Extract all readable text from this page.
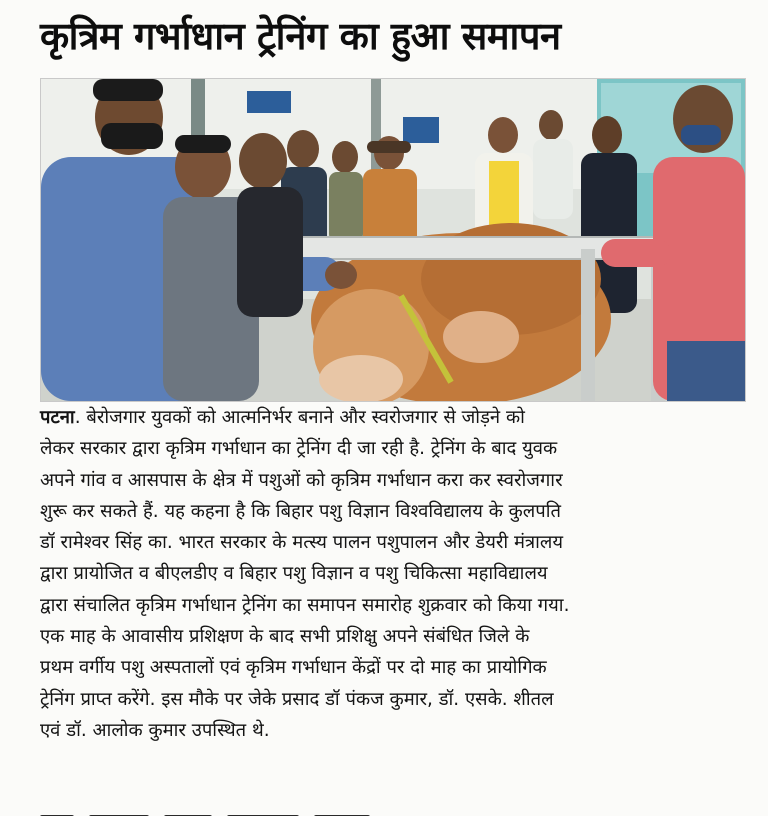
कृत्रिम गर्भाधान ट्रेनिंग का हुआ समापन

पटना. बेरोजगार युवकों को आत्मनिर्भर बनाने और स्वरोजगार से जोड़ने को
लेकर सरकार द्वारा कृत्रिम गर्भाधान का ट्रेनिंग दी जा रही है. ट्रेनिंग के बाद युवक
अपने गांव व आसपास के क्षेत्र में पशुओं को कृत्रिम गर्भाधान करा कर स्वरोजगार
शुरू कर सकते हैं. यह कहना है कि बिहार पशु विज्ञान विश्वविद्यालय के कुलपति
डॉ रामेश्वर सिंह का. भारत सरकार के मत्स्य पालन पशुपालन और डेयरी मंत्रालय
द्वारा प्रायोजित व बीएलडीए व बिहार पशु विज्ञान व पशु चिकित्सा महाविद्यालय
द्वारा संचालित कृत्रिम गर्भाधान ट्रेनिंग का समापन समारोह शुक्रवार को किया गया.
एक माह के आवासीय प्रशिक्षण के बाद सभी प्रशिक्षु अपने संबंधित जिले के
प्रथम वर्गीय पशु अस्पतालों एवं कृत्रिम गर्भाधान केंद्रों पर दो माह का प्रायोगिक
ट्रेनिंग प्राप्त करेंगे. इस मौके पर जेके प्रसाद डॉ पंकज कुमार, डॉ. एसके. शीतल
एवं डॉ. आलोक कुमार उपस्थित थे.
